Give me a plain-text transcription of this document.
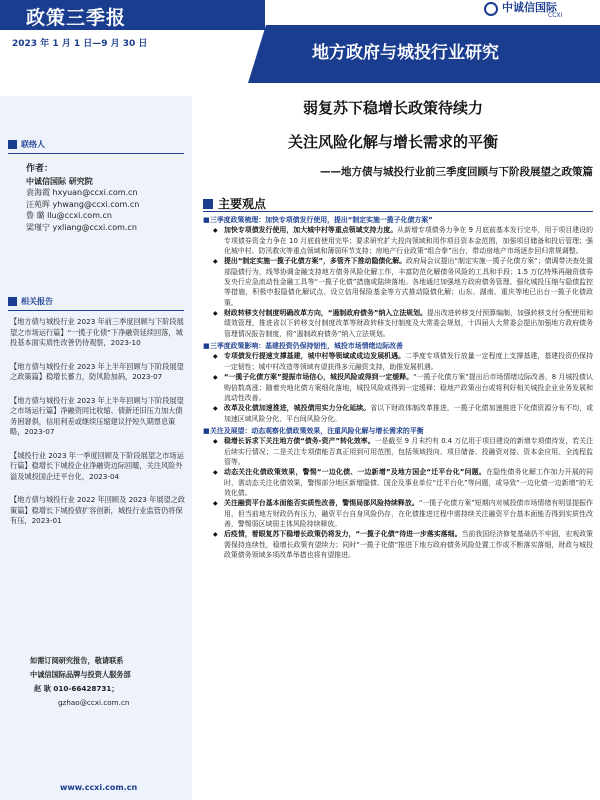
政策三季报
2023 年 1 月 1 日—9 月 30 日	地方政府与城投行业研究
中诚信国际
CCXI
联络人
作者：
中诚信国际 研究院
袁海霞 hxyuan@ccxi.com.cn
汪苑晖 yhwang@ccxi.com.cn
鲁 璐 llu@ccxi.com.cn
梁瑾宁 yxliang@ccxi.com.cn
相关报告
【地方债与城投行业 2023 年前三季度回顾与下阶段展望之市场运行篇】“一揽子化债”下净融资延续回落，城投基本面实质性改善仍待观察，2023-10
【地方债与城投行业 2023 年上半年回顾与下阶段展望之政策篇】稳增长蓄力，防风险加码，2023-07
【地方债与城投行业 2023 年上半年回顾与下阶段展望之市场运行篇】净融资同比收缩、债新还旧压力加大债务困窘俱，信用利差或继续压缩建议抒短久期票息策略，2023-07
【城投行业 2023 年一季度回顾及下阶段展望之市场运行篇】稳增长下城投企业净融资边际回暖，关注风险外溢及城投国企迁平台化，2023-04
【地方债与城投行业 2022 年回顾及 2023 年展望之政策篇】稳增长下城投债扩容创新，城投行业监管仍将保有压，2023-01
如需订阅研究报告，敬请联系
中诚信国际品牌与投资人服务部
赵 耿 010-66428731；
gzhao@ccxi.com.cn
www.ccxi.com.cn
弱复苏下稳增长政策待续力
关注风险化解与增长需求的平衡
——地方债与城投行业前三季度回顾与下阶段展望之政策篇
主要观点
■ 三季度政策梳理：加快专项债发行使用，提出“制定实施一揽子化债方案”
◆ 加快专项债发行使用，加大城中村等重点领域支持力度。从新增专项债务力争在 9 月底前基本发行完毕，用于项目建设的专项债券资金力争在 10 月底前使用完毕；要求研究扩大投向领域和用作项目资本金范围，加强项目储备和投后管理；强化城中村、防汛救灾等重点领域和薄弱环节支持；房地产行业政策“组合拳”出台，带动房地产市场逐步回归常规调整。
◆ 提出“制定实施一揽子化债方案”，多管齐下推动隐债化解。政府局会议提出“制定实施一揽子化债方案”；债调带决查处置部隐债行为，线琴协调金融支持地方债务风险化解工作，丰富防范化解债务风险的工具和手段；1.5 万亿特殊再融资债券发央行应急流动性金融工具等“一揽子化债”措施或陆续落地。各地通过加强地方政府债务管理、强化城投压缩与隐债监控等措施，积极申报隐债化解试点、设立信用保险基金等方式推动隐债化解；山东、湖南、重庆等地已出台一揽子化债政策。
◆ 财政转移支付制度明确改革方向，“遏制政府债务”纳入立法规划。提出改进转移支付预算编制，加强转移支付分配使用和绩效管理，推进省以下转移支付制度改革等财政转移支付制度及大常委会规划，十四届人大常委会提出加强地方政府债务管理情况报告制度，将“遏制政府债务”纳入立法规划。
■ 三季度政策影响：基建投资仍保持韧性，城投市场情绪边际改善
◆ 专项债发行提速支撑基建，城中村等领域或成边发展机遇。二季度专项债发行放量一定程度上支撑基建，基建投资仍保持一定韧性；城中村改造等领域有望获得多元融资支持，助推发展机遇。
◆ “一揽子化债方案”提振市场信心，城投风险或得到一定缓释。“一揽子化债方案”提出后市场情绪边际改善，8 月城投债认购倍数高涨；随着央地化债方案细化落地，城投风险或得到一定缓释；稳地产政策出台或将利好相关城投企业业务发展和流动性改善。
◆ 改革及化债加速推进，城投债用实力分化延续。省以下财政体制改革推进，一揽子化债加速推进下化债资源分布不均，或加速区域风险分化、平台间风险分化。
■ 关注及展望：动态观察化债政策效果，注重风险化解与增长需求的平衡
◆ 稳增长诉求下关注地方债“债务-资产”转化效率。一是截至 9 月末约有 0.4 万亿用于项目建设的新增专项债待发，若关注后续实行情况；二是关注专项债能否真正用到可用范围，包括领域投向、项目储备、投融资对接、资本金应用、全流程监管等。
◆ 动态关注化债政策效果，警惕“一边化债、一边新增”及地方国企“迁平台化”问题。在隐性债务化解工作加力开展的同时，需动态关注化债效果，警惕部分地区新增隐债、国企及事业单位“迁平台化”等问题，或导致“一边化债一边新增”的无效化债。
◆ 关注融资平台基本面能否实质性改善，警惕局部风险持续释放。“一揽子化债方案”短期内对城投债市场情绪有明显提振作用，但当前地方财政仍有压力，融资平台自身风险仍存，在化债推进过程中需持续关注融资平台基本面能否得到实质性改善，警惕弱区域弱主体风险持续释放。
◆ 后疫情，着眼复苏下稳增长政策仍将发力，“一揽子化债”待进一步落实落细。当前我国经济修复基础仍不牢固，宏观政策需保持连续性，稳增长政策有望续力；同时“一揽子化债”推进下地方政府债务风险处置工作或不断落实落细，财政与城投政策债务领域多项改革举措也将有望推进。
